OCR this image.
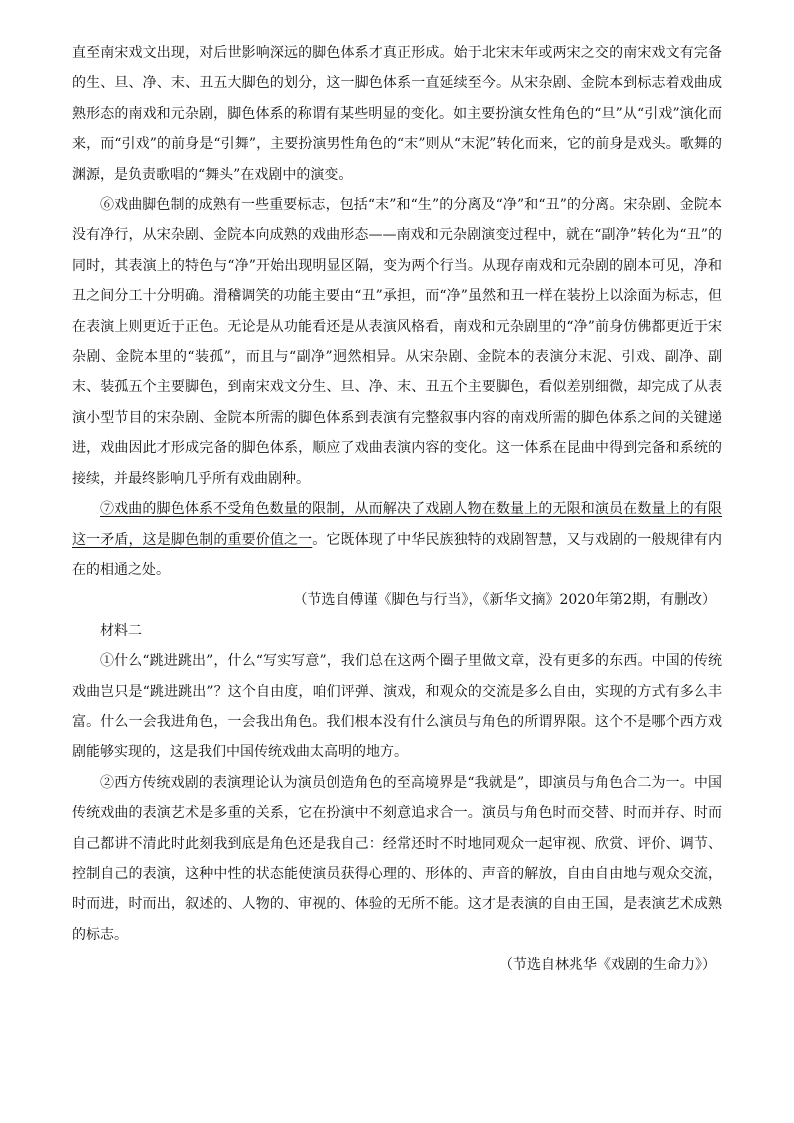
直至南宋戏文出现，对后世影响深远的脚色体系才真正形成。始于北宋末年或两宋之交的南宋戏文有完备的生、旦、净、末、丑五大脚色的划分，这一脚色体系一直延续至今。从宋杂剧、金院本到标志着戏曲成熟形态的南戏和元杂剧，脚色体系的称谓有某些明显的变化。如主要扮演女性角色的“旦”从“引戏”演化而来，而“引戏”的前身是“引舞”，主要扮演男性角色的“末”则从“末泥”转化而来，它的前身是戏头。歌舞的渊源，是负责歌唱的“舞头”在戏剧中的演变。

⑥戏曲脚色制的成熟有一些重要标志，包括“末”和“生”的分离及“净”和“丑”的分离。宋杂剧、金院本没有净行，从宋杂剧、金院本向成熟的戏曲形态——南戏和元杂剧演变过程中，就在“副净”转化为“丑”的同时，其表演上的特色与“净”开始出现明显区隔，变为两个行当。从现存南戏和元杂剧的剧本可见，净和丑之间分工十分明确。滑稽调笑的功能主要由“丑”承担，而“净”虽然和丑一样在装扮上以涂面为标志，但在表演上则更近于正色。无论是从功能看还是从表演风格看，南戏和元杂剧里的“净”前身仿佛都更近于宋杂剧、金院本里的“装孤”，而且与“副净”迥然相异。从宋杂剧、金院本的表演分末泥、引戏、副净、副末、装孤五个主要脚色，到南宋戏文分生、旦、净、末、丑五个主要脚色，看似差别细微，却完成了从表演小型节目的宋杂剧、金院本所需的脚色体系到表演有完整叙事内容的南戏所需的脚色体系之间的关键递进，戏曲因此才形成完备的脚色体系，顺应了戏曲表演内容的变化。这一体系在昆曲中得到完备和系统的接续，并最终影响几乎所有戏曲剧种。

⑦戏曲的脚色体系不受角色数量的限制，从而解决了戏剧人物在数量上的无限和演员在数量上的有限这一矛盾，这是脚色制的重要价值之一。它既体现了中华民族独特的戏剧智慧，又与戏剧的一般规律有内在的相通之处。

（节选自傅谨《脚色与行当》，《新华文摘》2020年第2期，有删改）

材料二

①什么“跳进跳出”，什么“写实写意”，我们总在这两个圈子里做文章，没有更多的东西。中国的传统戏曲岂只是“跳进跳出”？这个自由度，咱们评弹、演戏，和观众的交流是多么自由，实现的方式有多么丰富。什么一会我进角色，一会我出角色。我们根本没有什么演员与角色的所谓界限。这个不是哪个西方戏剧能够实现的，这是我们中国传统戏曲太高明的地方。

②西方传统戏剧的表演理论认为演员创造角色的至高境界是“我就是”，即演员与角色合二为一。中国传统戏曲的表演艺术是多重的关系，它在扮演中不刻意追求合一。演员与角色时而交替、时而并存、时而自己都讲不清此时此刻我到底是角色还是我自己：经常还时不时地同观众一起审视、欣赏、评价、调节、控制自己的表演，这种中性的状态能使演员获得心理的、形体的、声音的解放，自由自由地与观众交流，时而进，时而出，叙述的、人物的、审视的、体验的无所不能。这才是表演的自由王国，是表演艺术成熟的标志。

（节选自林兆华《戏剧的生命力》）
